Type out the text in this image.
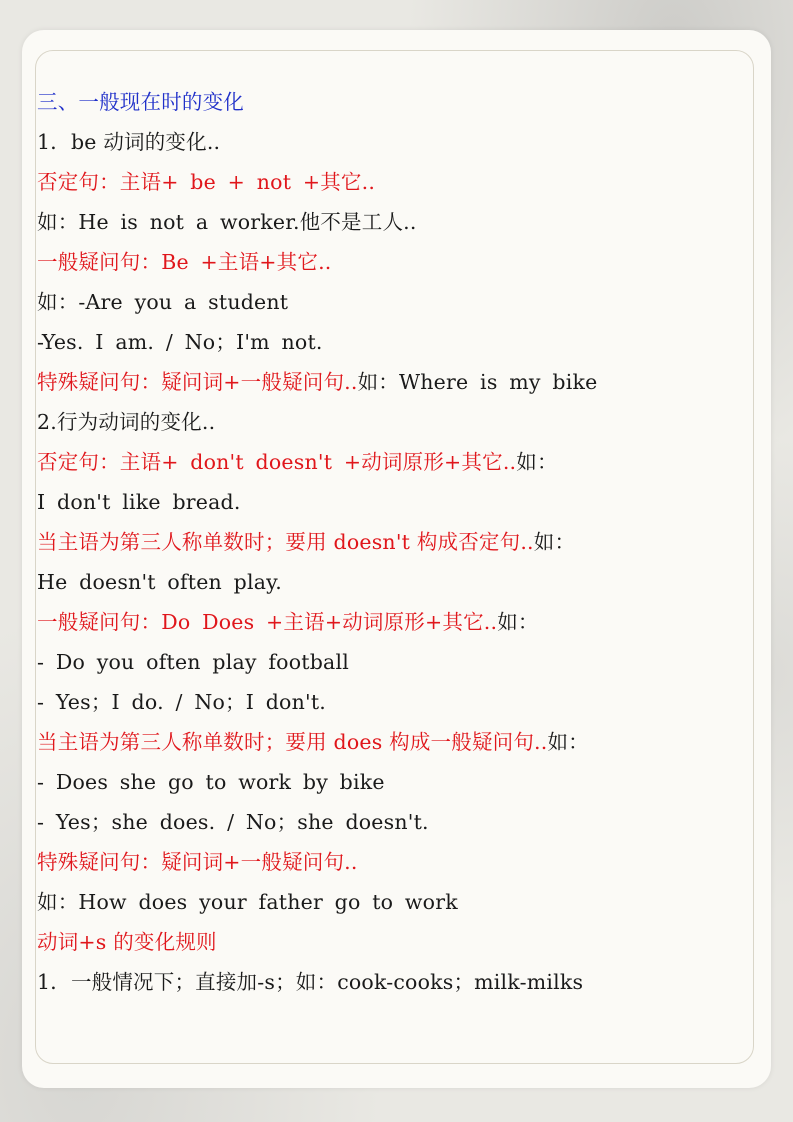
三、一般现在时的变化
1．be 动词的变化..
否定句：主语+ be + not +其它..
如：He is not a worker.他不是工人..
一般疑问句：Be +主语+其它..
如：-Are you a student
-Yes. I am. / No；I'm not.
特殊疑问句：疑问词+一般疑问句..如：Where is my bike
2.行为动词的变化..
否定句：主语+ don't doesn't +动词原形+其它..如：
I don't like bread.
当主语为第三人称单数时；要用 doesn't 构成否定句..如：
He doesn't often play.
一般疑问句：Do Does +主语+动词原形+其它..如：
- Do you often play football
- Yes；I do. / No；I don't.
当主语为第三人称单数时；要用 does 构成一般疑问句..如：
- Does she go to work by bike
- Yes；she does. / No；she doesn't.
特殊疑问句：疑问词+一般疑问句..
如：How does your father go to work
动词+s 的变化规则
1．一般情况下；直接加-s；如：cook-cooks；milk-milks
